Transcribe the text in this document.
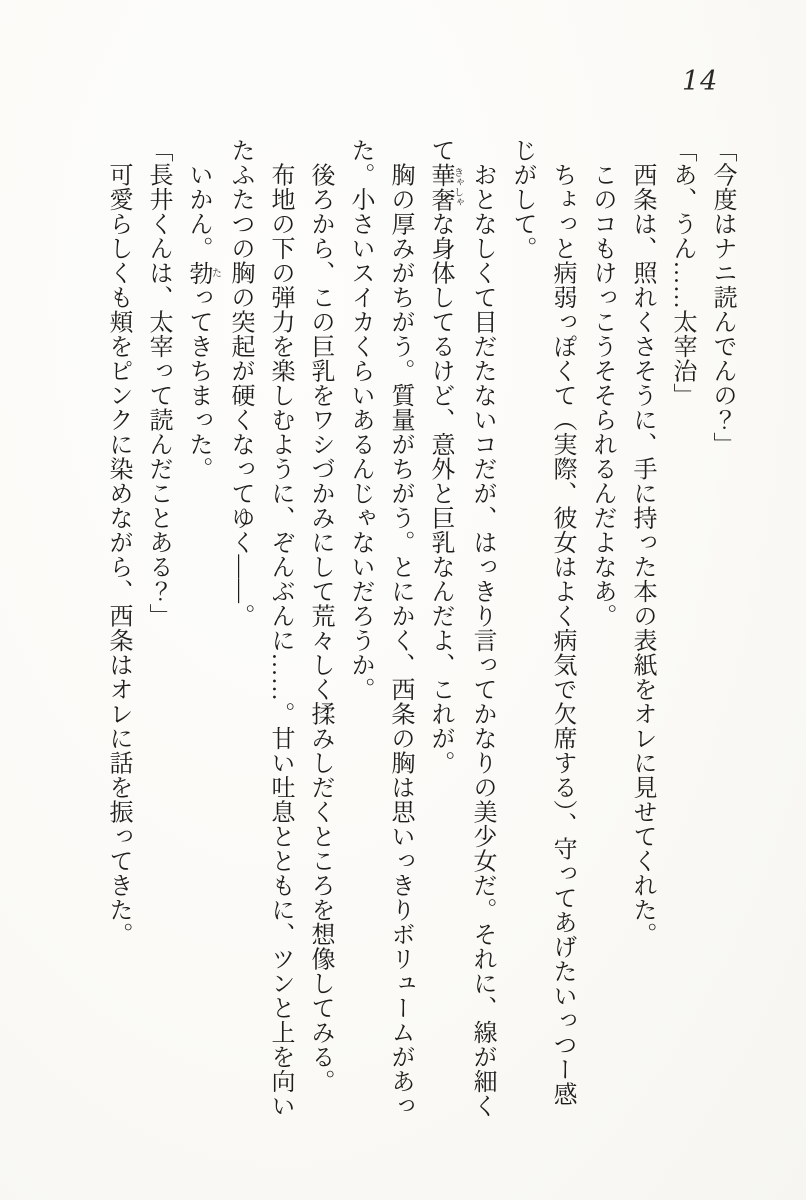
14

「今度はナニ読んでんの？」

「あ、うん……太宰治」

　西条は、照れくさそうに、手に持った本の表紙をオレに見せてくれた。

　このコもけっこうそそられるんだよなあ。

　ちょっと病弱っぽくて（実際、彼女はよく病気で欠席する）、守ってあげたいっつー感

じがして。

　おとなしくて目だたないコだが、はっきり言ってかなりの美少女だ。それに、線が細く

て華奢きゃしゃな身体してるけど、意外と巨乳なんだよ、これが。

　胸の厚みがちがう。質量がちがう。とにかく、西条の胸は思いっきりボリュームがあっ

た。小さいスイカくらいあるんじゃないだろうか。

　後ろから、この巨乳をワシづかみにして荒々しく揉みしだくところを想像してみる。

　布地の下の弾力を楽しむように、ぞんぶんに……。甘い吐息とともに、ツンと上を向い

たふたつの胸の突起が硬くなってゆく——。

　いかん。勃たってきちまった。

「長井くんは、太宰って読んだことある？」

　可愛らしくも頬をピンクに染めながら、西条はオレに話を振ってきた。
